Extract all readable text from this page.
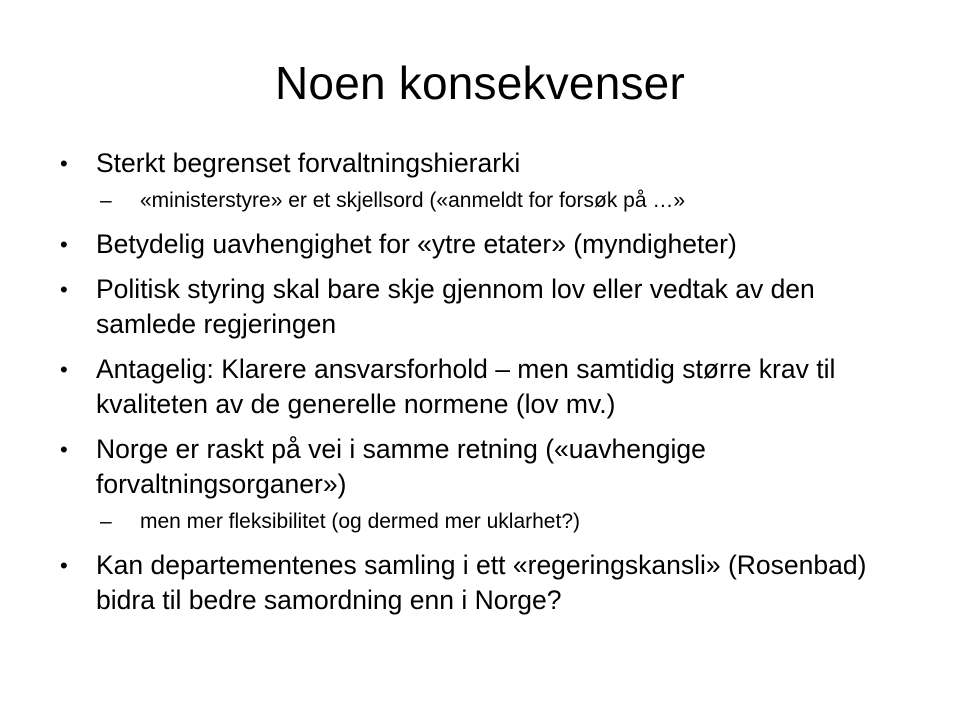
Noen konsekvenser
•	Sterkt begrenset forvaltningshierarki
–	«ministerstyre» er et skjellsord («anmeldt for forsøk på …»
•	Betydelig uavhengighet for «ytre etater» (myndigheter)
•	Politisk styring skal bare skje gjennom lov eller vedtak av den samlede regjeringen
•	Antagelig: Klarere ansvarsforhold – men samtidig større krav til kvaliteten av de generelle normene (lov mv.)
•	Norge er raskt på vei i samme retning («uavhengige forvaltningsorganer»)
–	men mer fleksibilitet (og dermed mer uklarhet?)
•	Kan departementenes samling i ett «regeringskansli» (Rosenbad) bidra til bedre samordning enn i Norge?
